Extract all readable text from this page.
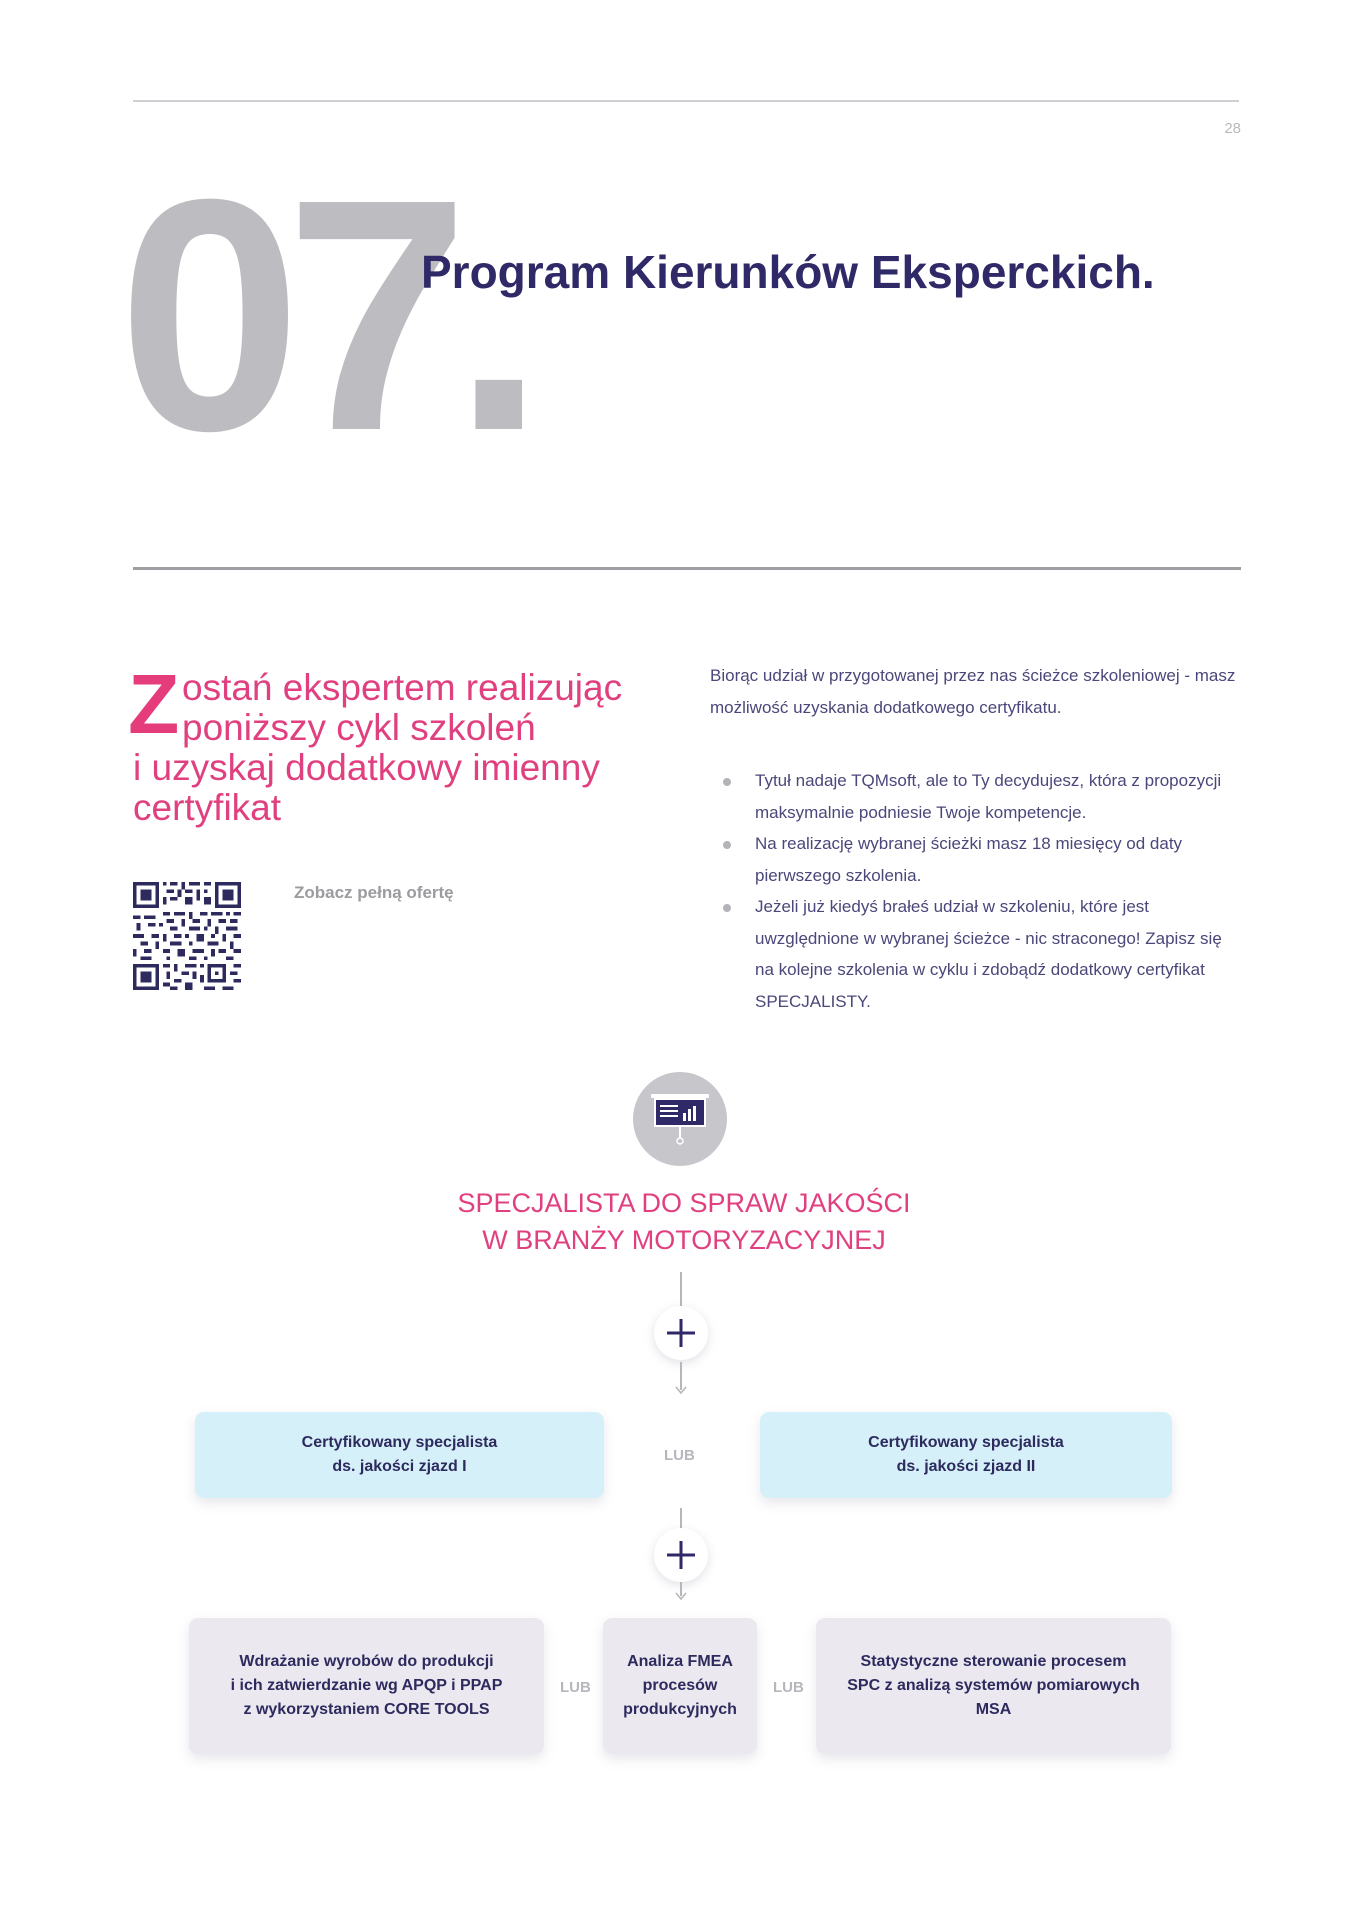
28
07.
Program Kierunków Eksperckich.
Z ostań ekspertem realizując
poniższy cykl szkoleń
i uzyskaj dodatkowy imienny
certyfikat
Zobacz pełną ofertę
Biorąc udział w przygotowanej przez nas ścieżce szkoleniowej - masz możliwość uzyskania dodatkowego certyfikatu.
Tytuł nadaje TQMsoft, ale to Ty decydujesz, która z propozycji maksymalnie podniesie Twoje kompetencje.
Na realizację wybranej ścieżki masz 18 miesięcy od daty pierwszego szkolenia.
Jeżeli już kiedyś brałeś udział w szkoleniu, które jest uwzględnione w wybranej ścieżce - nic straconego! Zapisz się na kolejne szkolenia w cyklu i zdobądź dodatkowy certyfikat SPECJALISTY.
SPECJALISTA DO SPRAW JAKOŚCI
W BRANŻY MOTORYZACYJNEJ
Certyfikowany specjalista
ds. jakości zjazd I
LUB
Certyfikowany specjalista
ds. jakości zjazd II
Wdrażanie wyrobów do produkcji
i ich zatwierdzanie wg APQP i PPAP
z wykorzystaniem CORE TOOLS
LUB
Analiza FMEA
procesów
produkcyjnych
LUB
Statystyczne sterowanie procesem
SPC z analizą systemów pomiarowych
MSA
